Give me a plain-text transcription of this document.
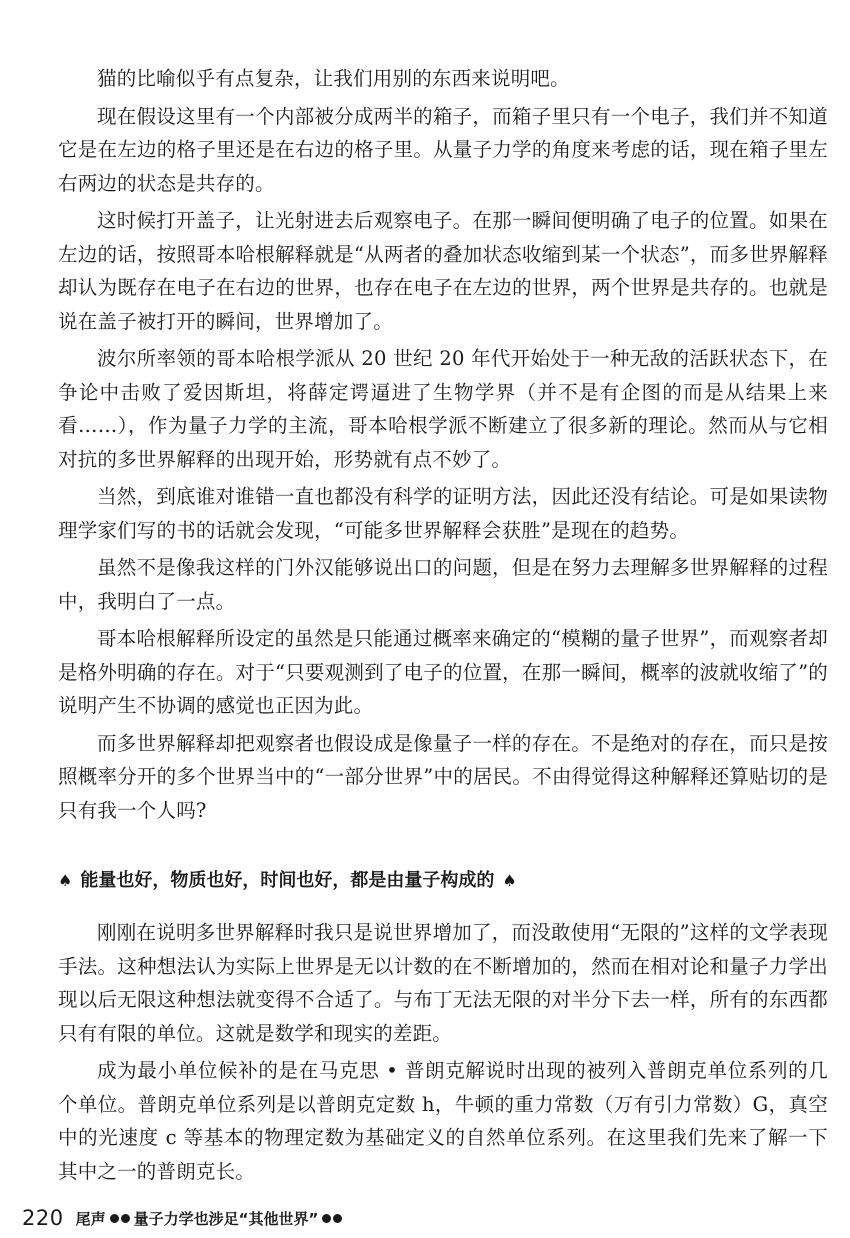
猫的比喻似乎有点复杂，让我们用别的东西来说明吧。

现在假设这里有一个内部被分成两半的箱子，而箱子里只有一个电子，我们并不知道它是在左边的格子里还是在右边的格子里。从量子力学的角度来考虑的话，现在箱子里左右两边的状态是共存的。

这时候打开盖子，让光射进去后观察电子。在那一瞬间便明确了电子的位置。如果在左边的话，按照哥本哈根解释就是“从两者的叠加状态收缩到某一个状态”，而多世界解释却认为既存在电子在右边的世界，也存在电子在左边的世界，两个世界是共存的。也就是说在盖子被打开的瞬间，世界增加了。

波尔所率领的哥本哈根学派从 20 世纪 20 年代开始处于一种无敌的活跃状态下，在争论中击败了爱因斯坦，将薛定谔逼进了生物学界（并不是有企图的而是从结果上来看……），作为量子力学的主流，哥本哈根学派不断建立了很多新的理论。然而从与它相对抗的多世界解释的出现开始，形势就有点不妙了。

当然，到底谁对谁错一直也都没有科学的证明方法，因此还没有结论。可是如果读物理学家们写的书的话就会发现，“可能多世界解释会获胜”是现在的趋势。

虽然不是像我这样的门外汉能够说出口的问题，但是在努力去理解多世界解释的过程中，我明白了一点。

哥本哈根解释所设定的虽然是只能通过概率来确定的“模糊的量子世界”，而观察者却是格外明确的存在。对于“只要观测到了电子的位置，在那一瞬间，概率的波就收缩了”的说明产生不协调的感觉也正因为此。

而多世界解释却把观察者也假设成是像量子一样的存在。不是绝对的存在，而只是按照概率分开的多个世界当中的“一部分世界”中的居民。不由得觉得这种解释还算贴切的是只有我一个人吗?

♠ 能量也好，物质也好，时间也好，都是由量子构成的 ♠

刚刚在说明多世界解释时我只是说世界增加了，而没敢使用“无限的”这样的文学表现手法。这种想法认为实际上世界是无以计数的在不断增加的，然而在相对论和量子力学出现以后无限这种想法就变得不合适了。与布丁无法无限的对半分下去一样，所有的东西都只有有限的单位。这就是数学和现实的差距。

成为最小单位候补的是在马克思 • 普朗克解说时出现的被列入普朗克单位系列的几个单位。普朗克单位系列是以普朗克定数 h，牛顿的重力常数（万有引力常数）G，真空中的光速度 c 等基本的物理定数为基础定义的自然单位系列。在这里我们先来了解一下其中之一的普朗克长。

220 尾声 量子力学也涉足“其他世界”
